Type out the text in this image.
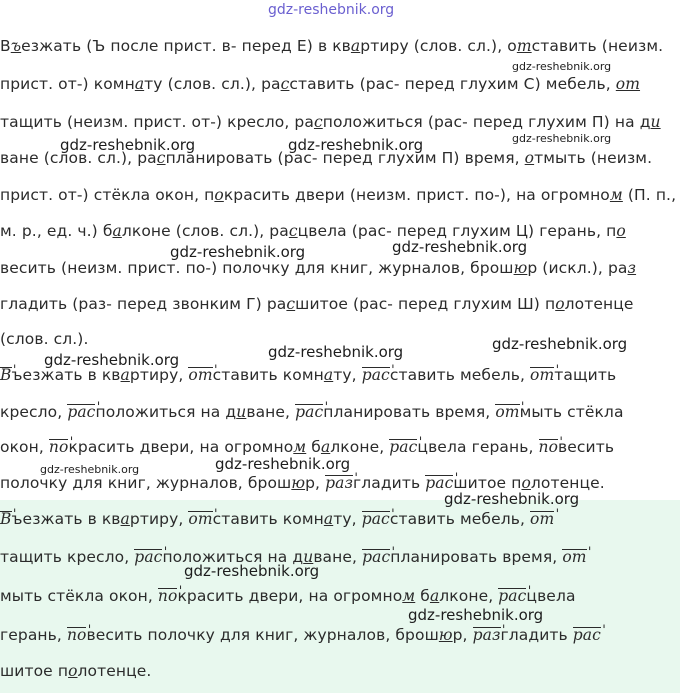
Въезжать (Ъ после прист. в- перед Е) в квартиру (слов. сл.), отставить (неизм.
прист. от-) комнату (слов. сл.), расставить (рас- перед глухим С) мебель, от
тащить (неизм. прист. от-) кресло, расположиться (рас- перед глухим П) на ди
ване (слов. сл.), распланировать (рас- перед глухим П) время, отмыть (неизм.
прист. от-) стёкла окон, покрасить двери (неизм. прист. по-), на огромном (П. п.,
м. р., ед. ч.) балконе (слов. сл.), расцвела (рас- перед глухим Ц) герань, по
весить (неизм. прист. по-) полочку для книг, журналов, брошюр (искл.), раз
гладить (раз- перед звонким Г) расшитое (рас- перед глухим Ш) полотенце
(слов. сл.).
В 'ъезжать в квартиру, от 'ставить комнату, рас 'ставить мебель, от 'тащить
кресло, рас 'положиться на диване, рас 'планировать время, от 'мыть стёкла
окон, по 'красить двери, на огромном балконе, рас 'цвела герань, по 'весить
полочку для книг, журналов, брошюр, раз 'гладить рас 'шитое полотенце.
В 'ъезжать в квартиру, от 'ставить комнату, рас 'ставить мебель, от '
тащить кресло, рас 'положиться на диване, рас 'планировать время, от '
мыть стёкла окон, по 'красить двери, на огромном балконе, рас 'цвела
герань, по 'весить полочку для книг, журналов, брошюр, раз 'гладить рас '
шитое полотенце.
gdz-reshebnik.org
gdz-reshebnik.org
gdz-reshebnik.org
gdz-reshebnik.org	gdz-reshebnik.org
gdz-reshebnik.org	gdz-reshebnik.org
gdz-reshebnik.org
gdz-reshebnik.org
gdz-reshebnik.org
gdz-reshebnik.org	gdz-reshebnik.org
gdz-reshebnik.org
gdz-reshebnik.org
gdz-reshebnik.org
